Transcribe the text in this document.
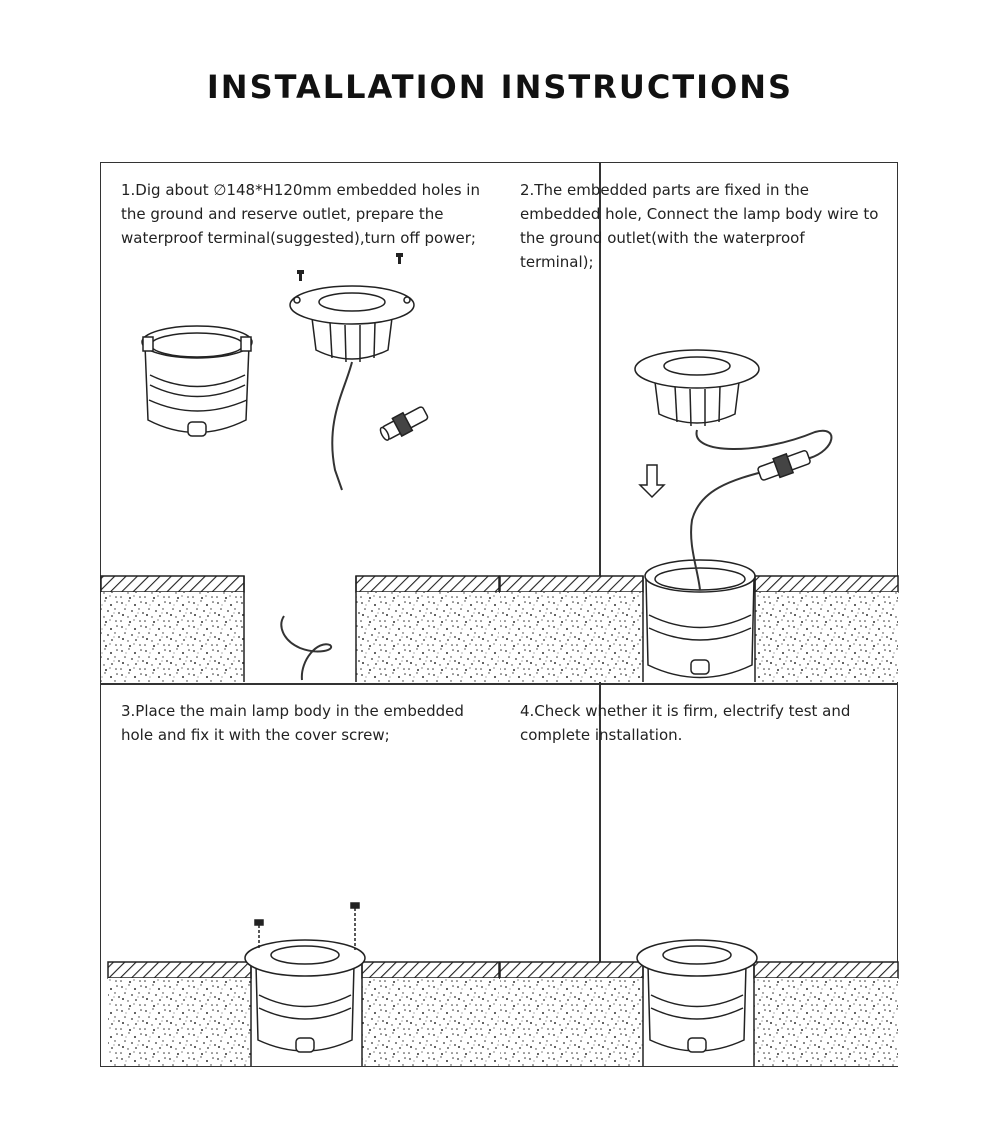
INSTALLATION INSTRUCTIONS
1.Dig about ∅148*H120mm embedded holes in the ground and reserve outlet, prepare the waterproof terminal(suggested),turn off power;
2.The embedded parts are fixed in the embedded hole, Connect the lamp body wire to the ground outlet(with the waterproof terminal);
3.Place the main lamp body in the embedded hole and fix it with the cover screw;
4.Check whether it is firm, electrify test and complete installation.
